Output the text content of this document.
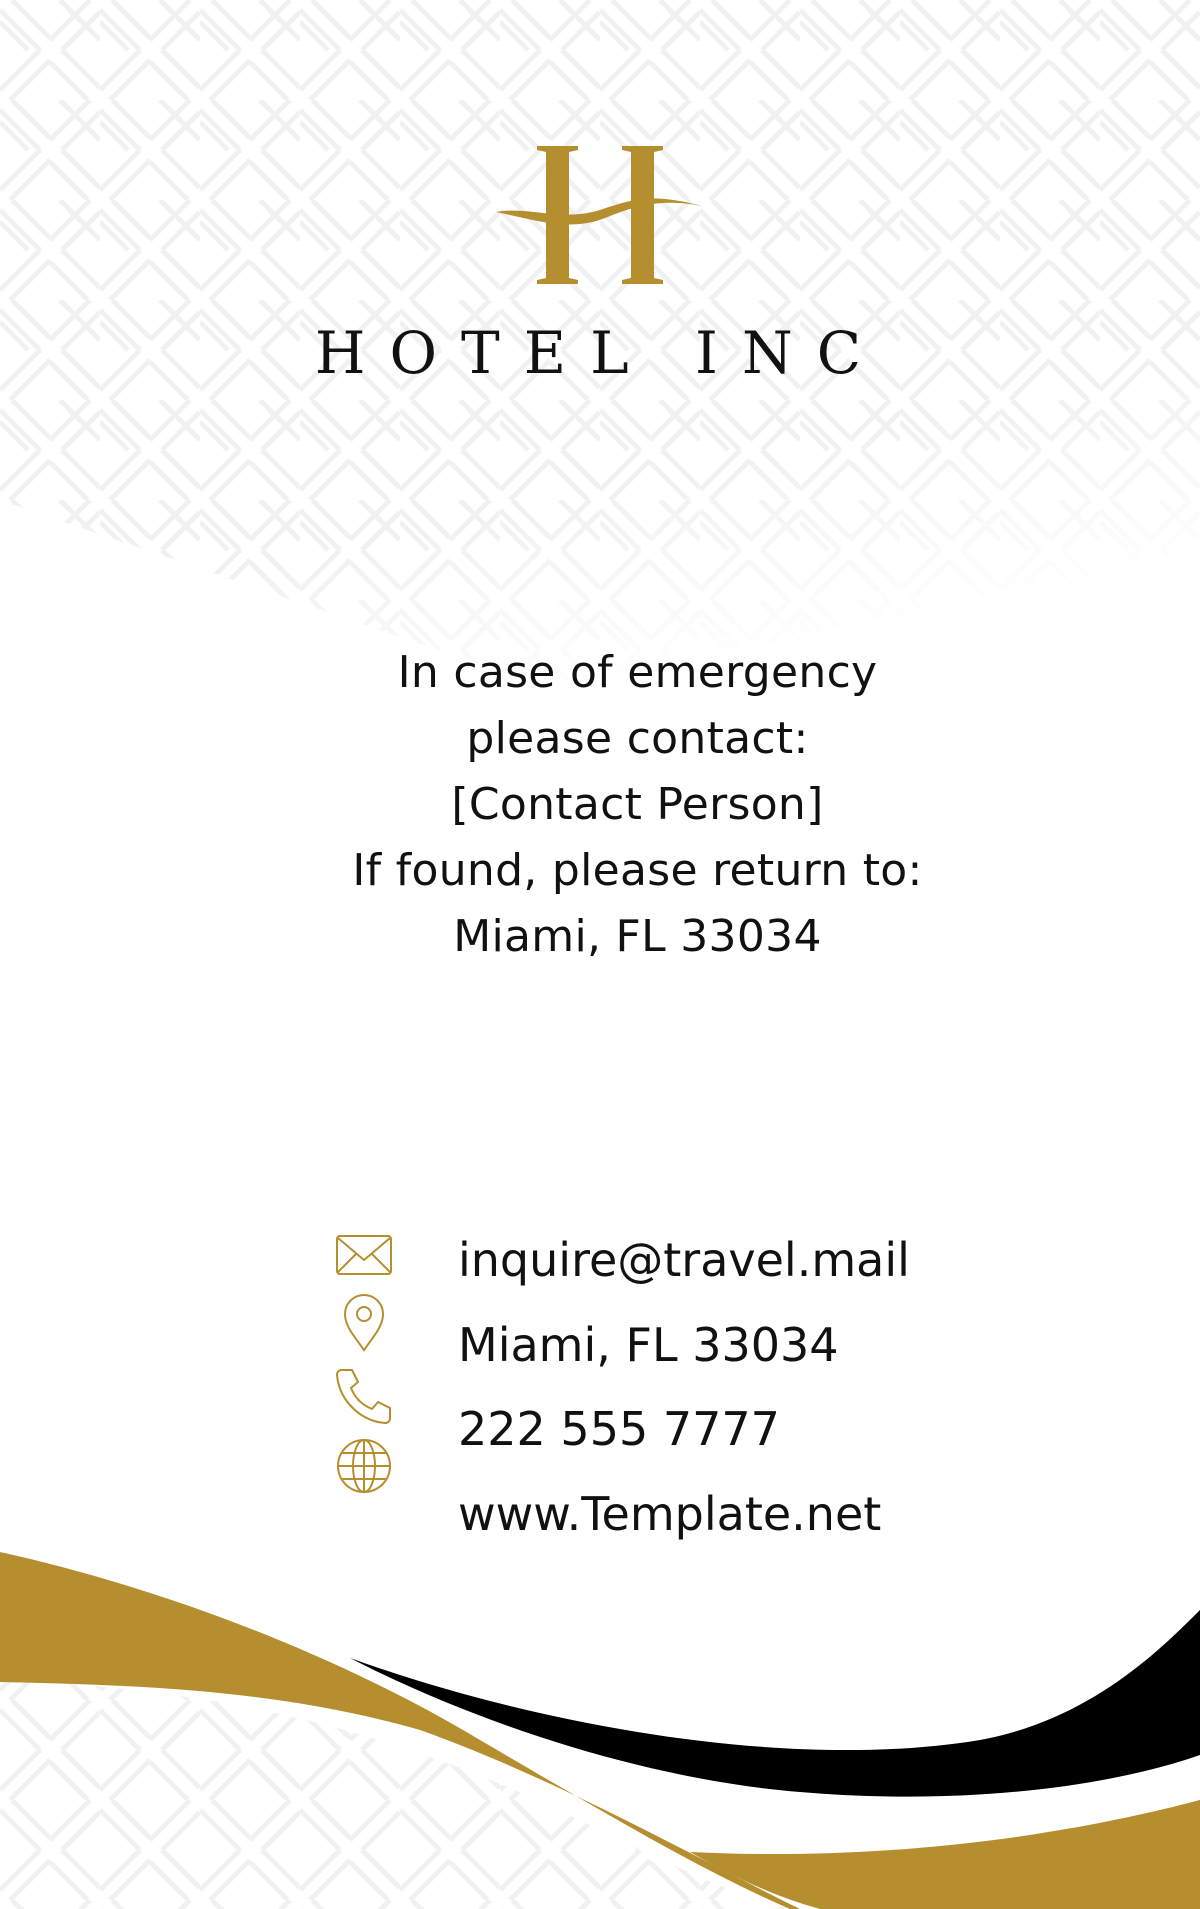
HOTEL INC
In case of emergency
please contact:
[Contact Person]
If found, please return to:
Miami, FL 33034
inquire@travel.mail
Miami, FL 33034
222 555 7777
www.Template.net
